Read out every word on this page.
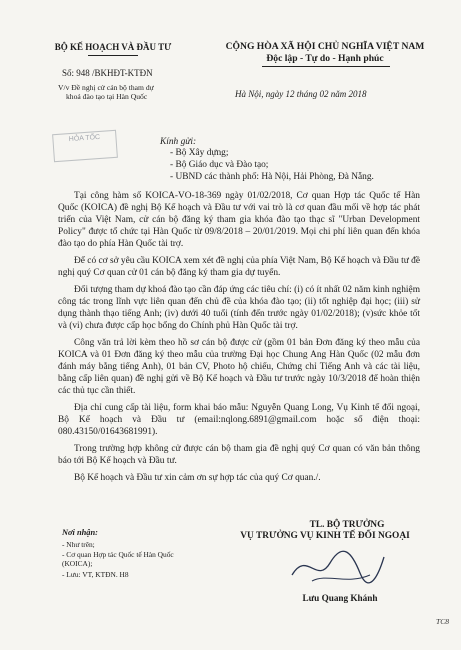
BỘ KẾ HOẠCH VÀ ĐẦU TƯ	CỘNG HÒA XÃ HỘI CHỦ NGHĨA VIỆT NAM
Độc lập - Tự do - Hạnh phúc
Số: 948 /BKHĐT-KTĐN
V/v Đề nghị cử cán bộ tham dự
khoá đào tạo tại Hàn Quốc	Hà Nội, ngày 12 tháng 02 năm 2018
HỎA TỐC	Kính gửi:
- Bộ Xây dựng;
- Bộ Giáo dục và Đào tạo;
- UBND các thành phố: Hà Nội, Hải Phòng, Đà Nẵng.

Tại công hàm số KOICA-VO-18-369 ngày 01/02/2018, Cơ quan Hợp tác Quốc tế Hàn Quốc (KOICA) đề nghị Bộ Kế hoạch và Đầu tư với vai trò là cơ quan đầu mối về hợp tác phát triển của Việt Nam, cử cán bộ đăng ký tham gia khóa đào tạo thạc sĩ "Urban Development Policy" được tổ chức tại Hàn Quốc từ 09/8/2018 – 20/01/2019. Mọi chi phí liên quan đến khóa đào tạo do phía Hàn Quốc tài trợ.

Để có cơ sở yêu cầu KOICA xem xét đề nghị của phía Việt Nam, Bộ Kế hoạch và Đầu tư đề nghị quý Cơ quan cử 01 cán bộ đăng ký tham gia dự tuyển.

Đối tượng tham dự khoá đào tạo cần đáp ứng các tiêu chí: (i) có ít nhất 02 năm kinh nghiệm công tác trong lĩnh vực liên quan đến chủ đề của khóa đào tạo; (ii) tốt nghiệp đại học; (iii) sử dụng thành thạo tiếng Anh; (iv) dưới 40 tuổi (tính đến trước ngày 01/02/2018); (v)sức khỏe tốt và (vi) chưa được cấp học bổng do Chính phủ Hàn Quốc tài trợ.

Công văn trả lời kèm theo hồ sơ cán bộ được cử (gồm 01 bản Đơn đăng ký theo mẫu của KOICA và 01 Đơn đăng ký theo mẫu của trường Đại học Chung Ang Hàn Quốc (02 mẫu đơn đánh máy bằng tiếng Anh), 01 bản CV, Photo hộ chiếu, Chứng chỉ Tiếng Anh và các tài liệu, bằng cấp liên quan) đề nghị gửi về Bộ Kế hoạch và Đầu tư trước ngày 10/3/2018 để hoàn thiện các thủ tục cần thiết.

Địa chỉ cung cấp tài liệu, form khai báo mẫu: Nguyễn Quang Long, Vụ Kinh tế đối ngoại, Bộ Kế hoạch và Đầu tư (email:nqlong.6891@gmail.com hoặc số điện thoại: 080.43150/01643681991).

Trong trường hợp không cử được cán bộ tham gia đề nghị quý Cơ quan có văn bản thông báo tới Bộ Kế hoạch và Đầu tư.

Bộ Kế hoạch và Đầu tư xin cảm ơn sự hợp tác của quý Cơ quan./.

Nơi nhận:
- Như trên;
- Cơ quan Hợp tác Quốc tế Hàn Quốc (KOICA);
- Lưu: VT, KTĐN. H8
TL. BỘ TRƯỞNG
VỤ TRƯỞNG VỤ KINH TẾ ĐỐI NGOẠI
Lưu Quang Khánh
TC8
